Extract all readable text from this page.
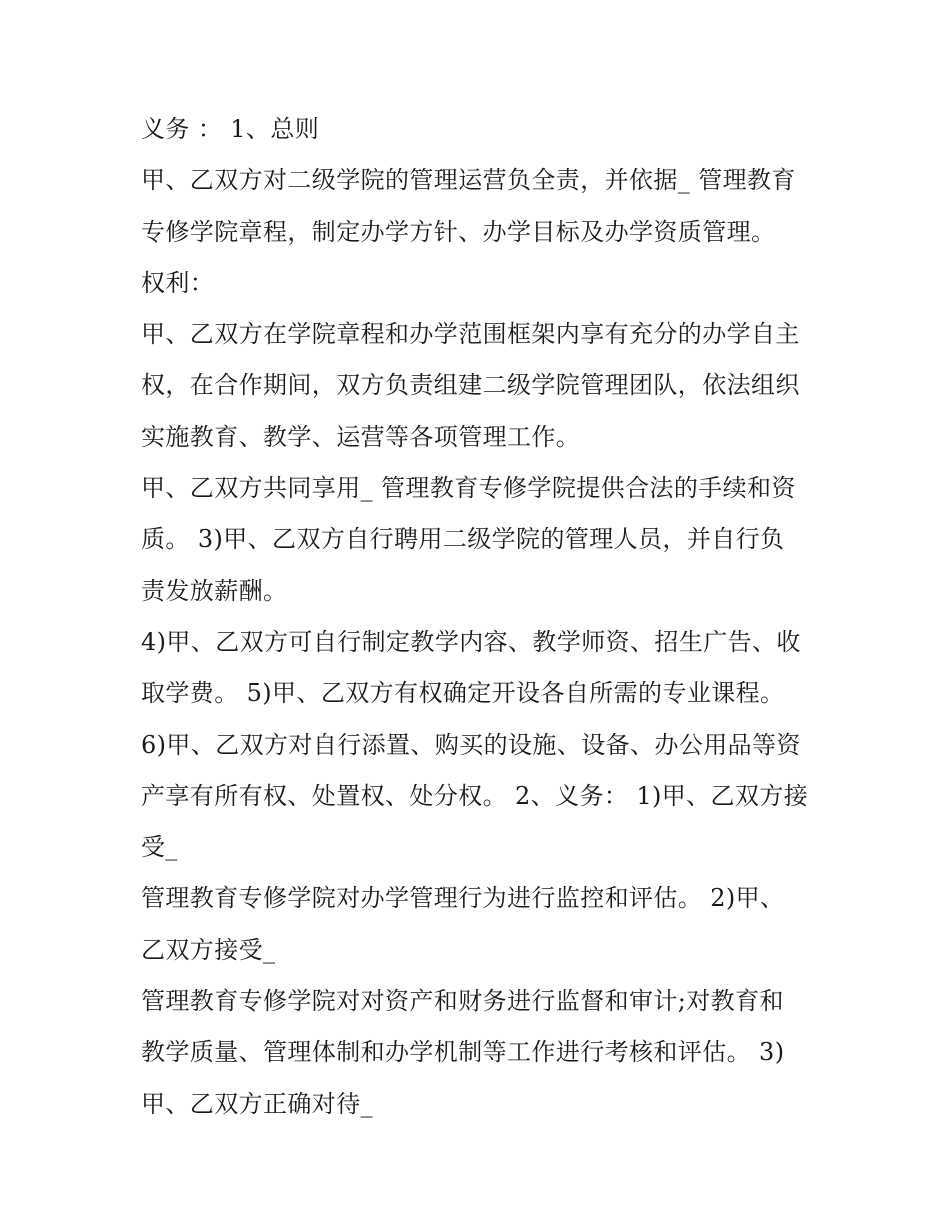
义务 ： 1、总则
甲、乙双方对二级学院的管理运营负全责，并依据_ 管理教育
专修学院章程，制定办学方针、办学目标及办学资质管理。
权利：
甲、乙双方在学院章程和办学范围框架内享有充分的办学自主
权，在合作期间，双方负责组建二级学院管理团队，依法组织
实施教育、教学、运营等各项管理工作。
甲、乙双方共同享用_ 管理教育专修学院提供合法的手续和资
质。 3)甲、乙双方自行聘用二级学院的管理人员，并自行负
责发放薪酬。
4)甲、乙双方可自行制定教学内容、教学师资、招生广告、收
取学费。 5)甲、乙双方有权确定开设各自所需的专业课程。
6)甲、乙双方对自行添置、购买的设施、设备、办公用品等资
产享有所有权、处置权、处分权。 2、义务： 1)甲、乙双方接
受_
管理教育专修学院对办学管理行为进行监控和评估。 2)甲、
乙双方接受_
管理教育专修学院对对资产和财务进行监督和审计;对教育和
教学质量、管理体制和办学机制等工作进行考核和评估。 3)
甲、乙双方正确对待_
